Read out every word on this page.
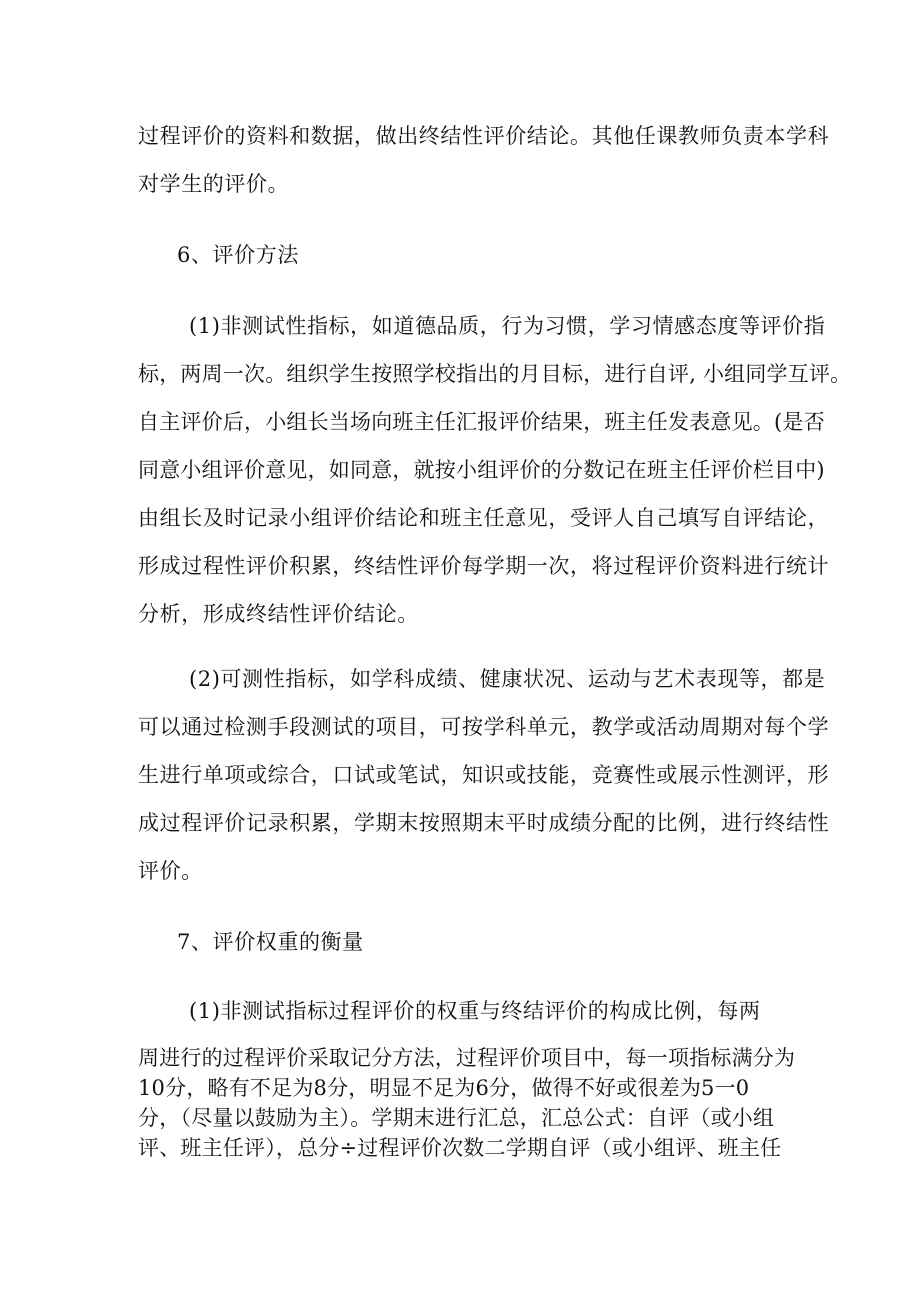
过程评价的资料和数据，做出终结性评价结论。其他任课教师负责本学科
对学生的评价。
6、评价方法
(1)非测试性指标，如道德品质，行为习惯，学习情感态度等评价指
标，两周一次。组织学生按照学校指出的月目标，进行自评, 小组同学互评。
自主评价后，小组长当场向班主任汇报评价结果，班主任发表意见。(是否
同意小组评价意见，如同意，就按小组评价的分数记在班主任评价栏目中)
由组长及时记录小组评价结论和班主任意见，受评人自己填写自评结论，
形成过程性评价积累，终结性评价每学期一次，将过程评价资料进行统计
分析，形成终结性评价结论。
(2)可测性指标，如学科成绩、健康状况、运动与艺术表现等，都是
可以通过检测手段测试的项目，可按学科单元，教学或活动周期对每个学
生进行单项或综合，口试或笔试，知识或技能，竞赛性或展示性测评，形
成过程评价记录积累，学期末按照期末平时成绩分配的比例，进行终结性
评价。
7、评价权重的衡量
(1)非测试指标过程评价的权重与终结评价的构成比例，每两
周进行的过程评价采取记分方法，过程评价项目中，每一项指标满分为
10分，略有不足为8分，明显不足为6分，做得不好或很差为5一0
分，（尽量以鼓励为主）。学期末进行汇总，汇总公式：自评（或小组
评、班主任评），总分÷过程评价次数二学期自评（或小组评、班主任
